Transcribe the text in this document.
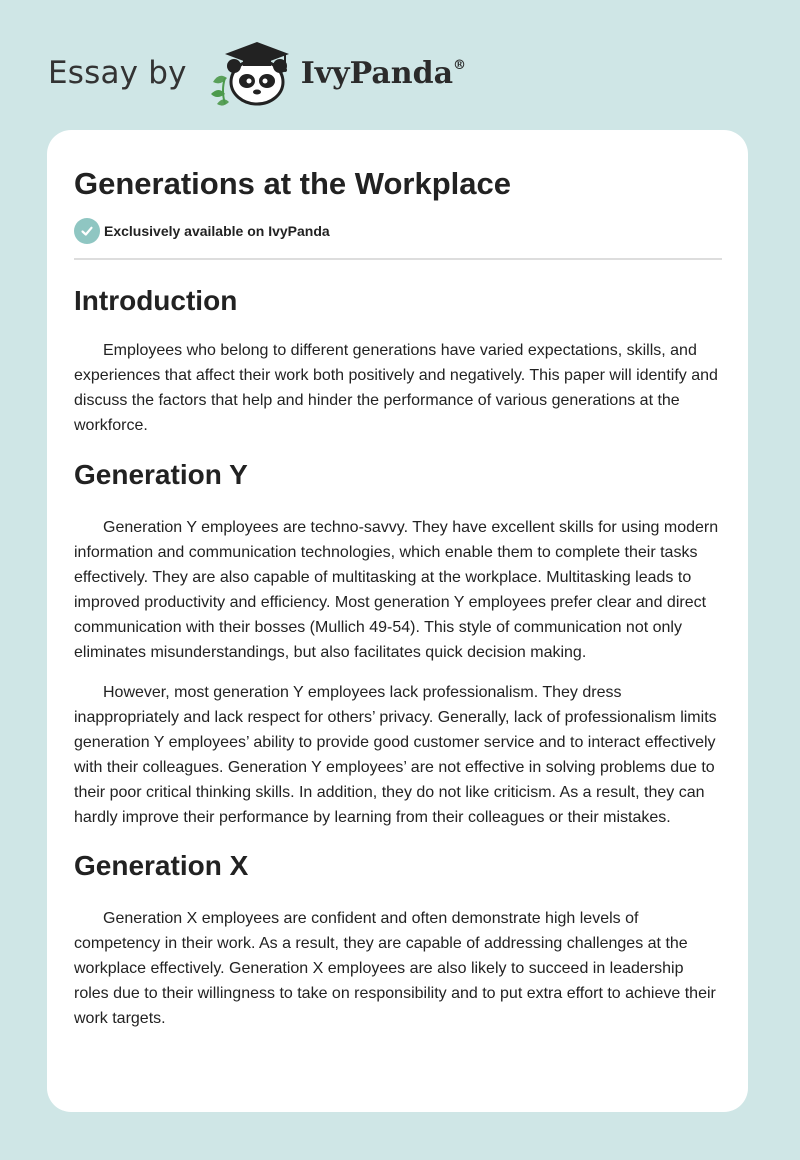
Essay by	IvyPanda®
Generations at the Workplace
Exclusively available on IvyPanda
Introduction

Employees who belong to different generations have varied expectations, skills, and experiences that affect their work both positively and negatively. This paper will identify and discuss the factors that help and hinder the performance of various generations at the workforce.

Generation Y

Generation Y employees are techno-savvy. They have excellent skills for using modern information and communication technologies, which enable them to complete their tasks effectively. They are also capable of multitasking at the workplace. Multitasking leads to improved productivity and efficiency. Most generation Y employees prefer clear and direct communication with their bosses (Mullich 49-54). This style of communication not only eliminates misunderstandings, but also facilitates quick decision making.

However, most generation Y employees lack professionalism. They dress inappropriately and lack respect for others’ privacy. Generally, lack of professionalism limits generation Y employees’ ability to provide good customer service and to interact effectively with their colleagues. Generation Y employees’ are not effective in solving problems due to their poor critical thinking skills. In addition, they do not like criticism. As a result, they can hardly improve their performance by learning from their colleagues or their mistakes.

Generation X

Generation X employees are confident and often demonstrate high levels of competency in their work. As a result, they are capable of addressing challenges at the workplace effectively. Generation X employees are also likely to succeed in leadership roles due to their willingness to take on responsibility and to put extra effort to achieve their work targets.
